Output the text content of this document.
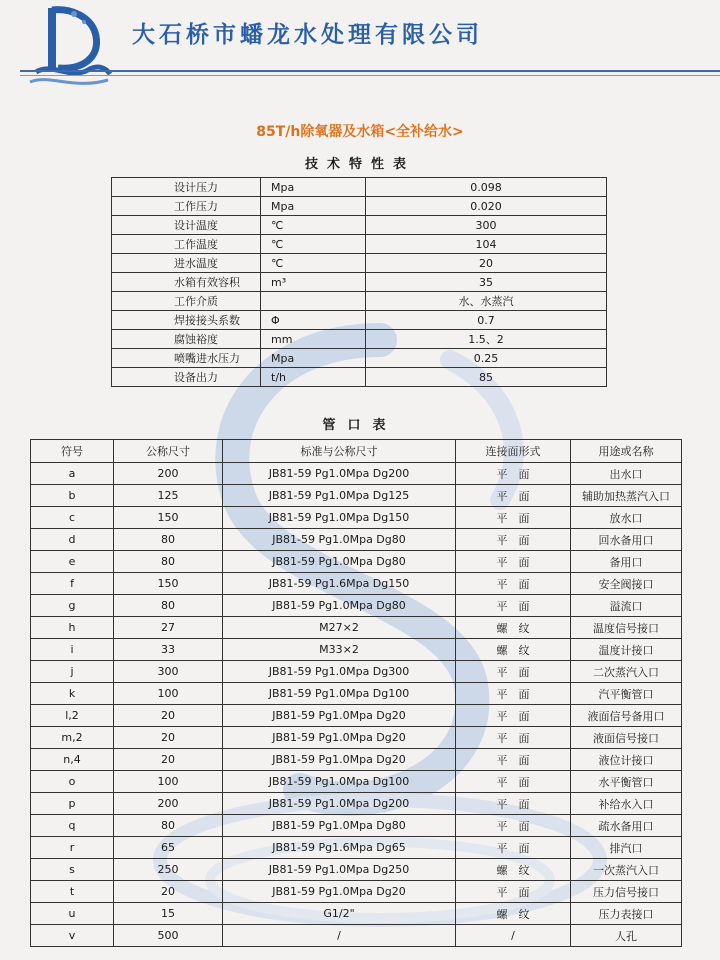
大石桥市蟠龙水处理有限公司
85T/h除氧器及水箱<全补给水>
技术特性表
设计压力	Mpa	0.098
工作压力	Mpa	0.020
设计温度	℃	300
工作温度	℃	104
进水温度	℃	20
水箱有效容积	m³	35
工作介质		水、水蒸汽
焊接接头系数	Φ	0.7
腐蚀裕度	mm	1.5、2
喷嘴进水压力	Mpa	0.25
设备出力	t/h	85
管口表
符号	公称尺寸	标准与公称尺寸	连接面形式	用途或名称
a	200	JB81-59 Pg1.0Mpa Dg200	平　面	出水口
b	125	JB81-59 Pg1.0Mpa Dg125	平　面	辅助加热蒸汽入口
c	150	JB81-59 Pg1.0Mpa Dg150	平　面	放水口
d	80	JB81-59 Pg1.0Mpa Dg80	平　面	回水备用口
e	80	JB81-59 Pg1.0Mpa Dg80	平　面	备用口
f	150	JB81-59 Pg1.6Mpa Dg150	平　面	安全阀接口
g	80	JB81-59 Pg1.0Mpa Dg80	平　面	溢流口
h	27	M27×2	螺　纹	温度信号接口
i	33	M33×2	螺　纹	温度计接口
j	300	JB81-59 Pg1.0Mpa Dg300	平　面	二次蒸汽入口
k	100	JB81-59 Pg1.0Mpa Dg100	平　面	汽平衡管口
l,2	20	JB81-59 Pg1.0Mpa Dg20	平　面	液面信号备用口
m,2	20	JB81-59 Pg1.0Mpa Dg20	平　面	液面信号接口
n,4	20	JB81-59 Pg1.0Mpa Dg20	平　面	液位计接口
o	100	JB81-59 Pg1.0Mpa Dg100	平　面	水平衡管口
p	200	JB81-59 Pg1.0Mpa Dg200	平　面	补给水入口
q	80	JB81-59 Pg1.0Mpa Dg80	平　面	疏水备用口
r	65	JB81-59 Pg1.6Mpa Dg65	平　面	排汽口
s	250	JB81-59 Pg1.0Mpa Dg250	螺　纹	一次蒸汽入口
t	20	JB81-59 Pg1.0Mpa Dg20	平　面	压力信号接口
u	15	G1/2"	螺　纹	压力表接口
v	500	/	/	人孔
